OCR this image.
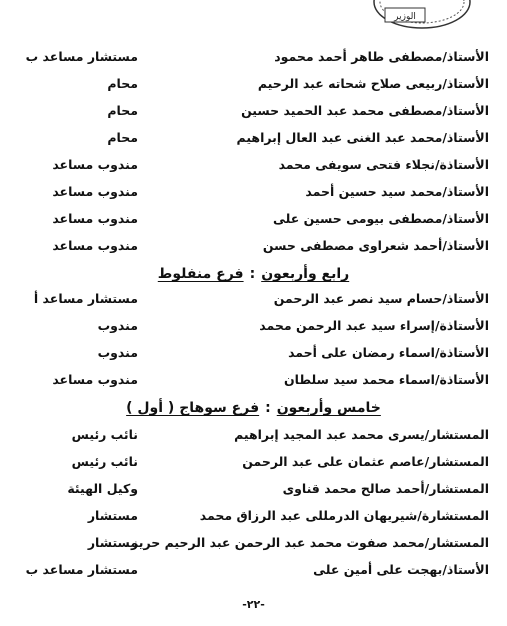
الوزير
الأستاذ/مصطفى طاهر أحمد محمود
مستشار مساعد ب
الأستاذ/ربيعى صلاح شحاته عبد الرحيم
محام
الأستاذ/مصطفى محمد عبد الحميد حسين
محام
الأستاذ/محمد عبد الغنى عبد العال إبراهيم
محام
الأستاذة/نجلاء فتحى سويفى محمد
مندوب مساعد
الأستاذ/محمد سيد حسين أحمد
مندوب مساعد
الأستاذ/مصطفى بيومى حسين على
مندوب مساعد
الأستاذ/أحمد شعراوى مصطفى حسن
مندوب مساعد
رابع وأربعون:فرع منفلوط
الأستاذ/حسام سيد نصر عبد الرحمن
مستشار مساعد أ
الأستاذة/إسراء سيد عبد الرحمن محمد
مندوب
الأستاذة/اسماء رمضان على أحمد
مندوب
الأستاذة/اسماء محمد سيد سلطان
مندوب مساعد
خامس وأربعون:فرع سوهاج ( أول )
المستشار/يسرى محمد عبد المجيد إبراهيم
نائب رئيس
المستشار/عاصم عثمان على عبد الرحمن
نائب رئيس
المستشار/أحمد صالح محمد قناوى
وكيل الهيئة
المستشارة/شيريهان الدرمللى عبد الرزاق محمد
مستشار
المستشار/محمد صفوت محمد عبد الرحمن عبد الرحيم حريز
مستشار
الأستاذ/بهجت على أمين على
مستشار مساعد ب
-٢٢-
